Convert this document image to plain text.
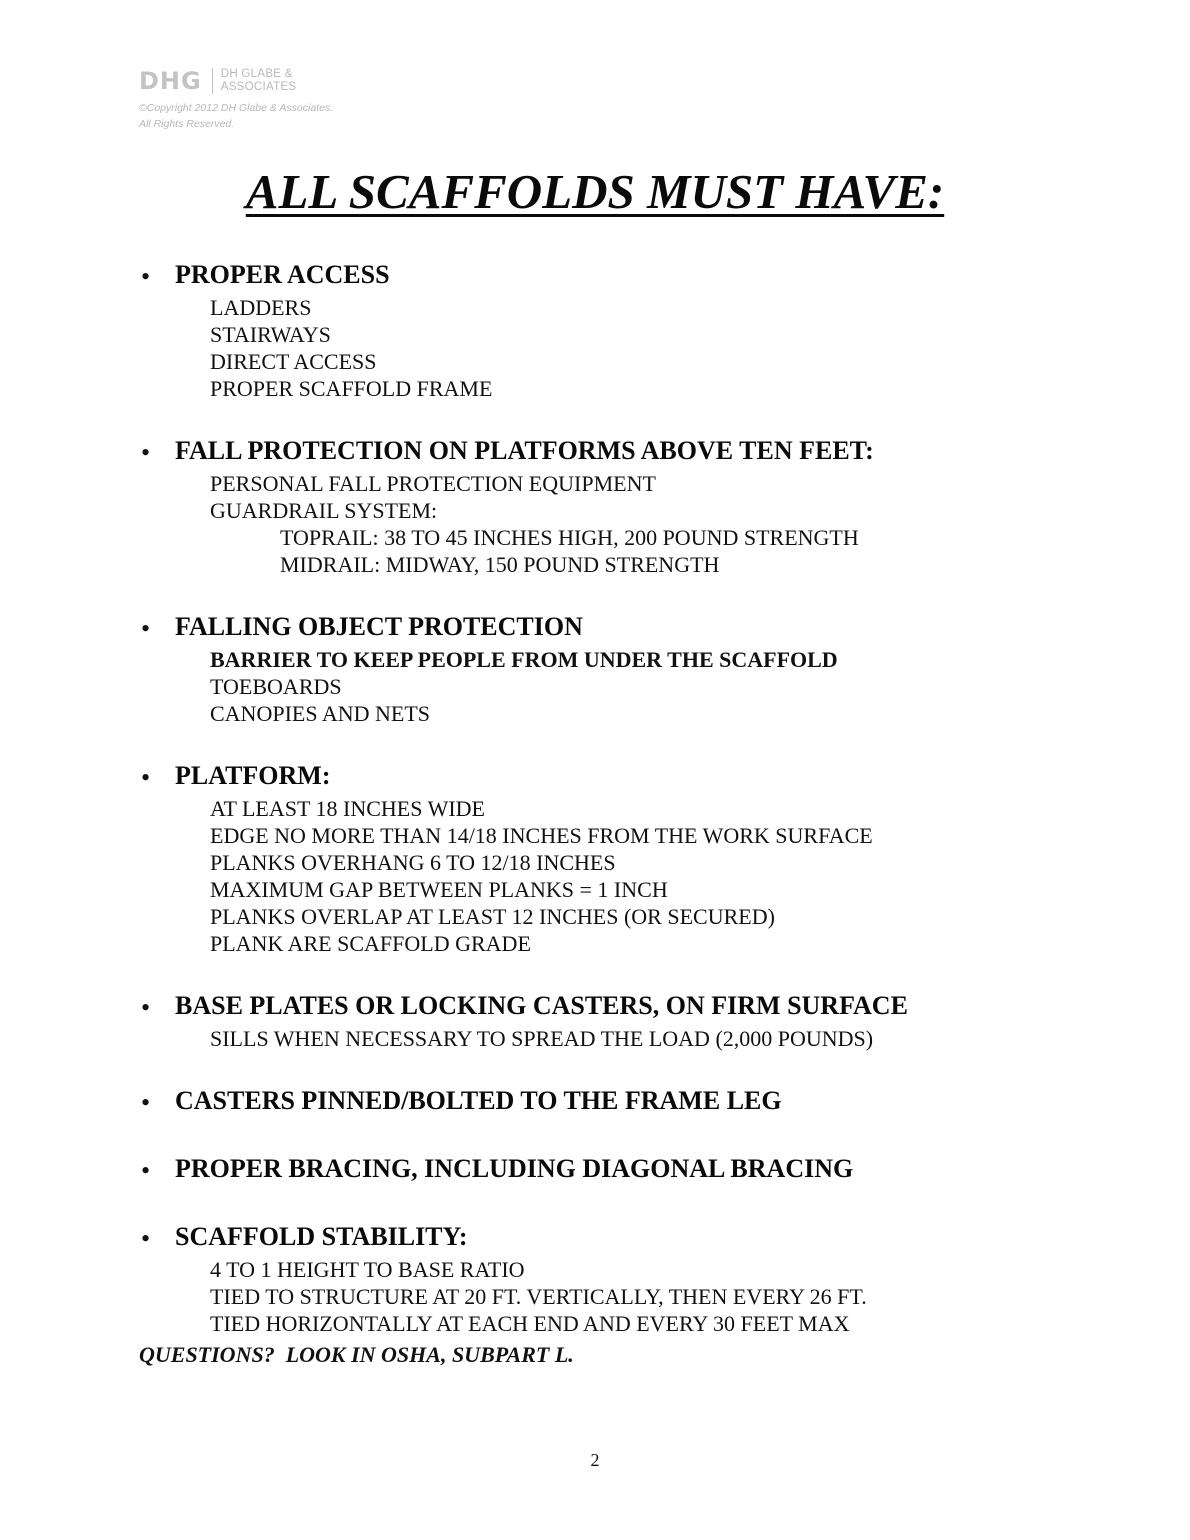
DHG DH GLABE &
ASSOCIATES
©Copyright 2012 DH Glabe & Associates.
All Rights Reserved.
ALL SCAFFOLDS MUST HAVE:
• PROPER ACCESS
LADDERS
STAIRWAYS
DIRECT ACCESS
PROPER SCAFFOLD FRAME
• FALL PROTECTION ON PLATFORMS ABOVE TEN FEET:
PERSONAL FALL PROTECTION EQUIPMENT
GUARDRAIL SYSTEM:
TOPRAIL: 38 TO 45 INCHES HIGH, 200 POUND STRENGTH
MIDRAIL: MIDWAY, 150 POUND STRENGTH
• FALLING OBJECT PROTECTION
BARRIER TO KEEP PEOPLE FROM UNDER THE SCAFFOLD
TOEBOARDS
CANOPIES AND NETS
• PLATFORM:
AT LEAST 18 INCHES WIDE
EDGE NO MORE THAN 14/18 INCHES FROM THE WORK SURFACE
PLANKS OVERHANG 6 TO 12/18 INCHES
MAXIMUM GAP BETWEEN PLANKS = 1 INCH
PLANKS OVERLAP AT LEAST 12 INCHES (OR SECURED)
PLANK ARE SCAFFOLD GRADE
• BASE PLATES OR LOCKING CASTERS, ON FIRM SURFACE
SILLS WHEN NECESSARY TO SPREAD THE LOAD (2,000 POUNDS)
• CASTERS PINNED/BOLTED TO THE FRAME LEG
• PROPER BRACING, INCLUDING DIAGONAL BRACING
• SCAFFOLD STABILITY:
4 TO 1 HEIGHT TO BASE RATIO
TIED TO STRUCTURE AT 20 FT. VERTICALLY, THEN EVERY 26 FT.
TIED HORIZONTALLY AT EACH END AND EVERY 30 FEET MAX
QUESTIONS?  LOOK IN OSHA, SUBPART L.
2
